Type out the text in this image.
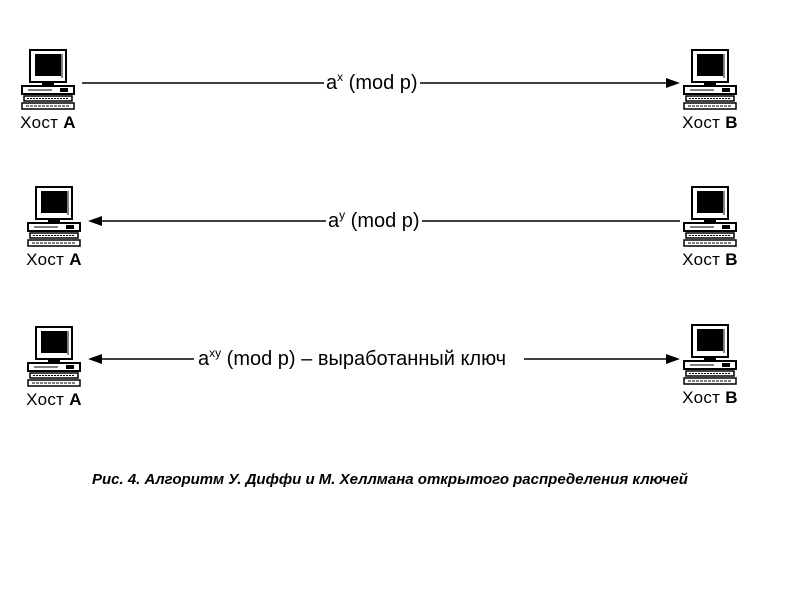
Хост А	Хост В
$a^x$ (mod p)
Хост А	Хост В
$a^y$ (mod p)
Хост А	Хост В
$a^{xy}$ (mod p) – выработанный ключ
Рис. 4. Алгоритм У. Диффи и М. Хеллмана открытого распределения ключей
